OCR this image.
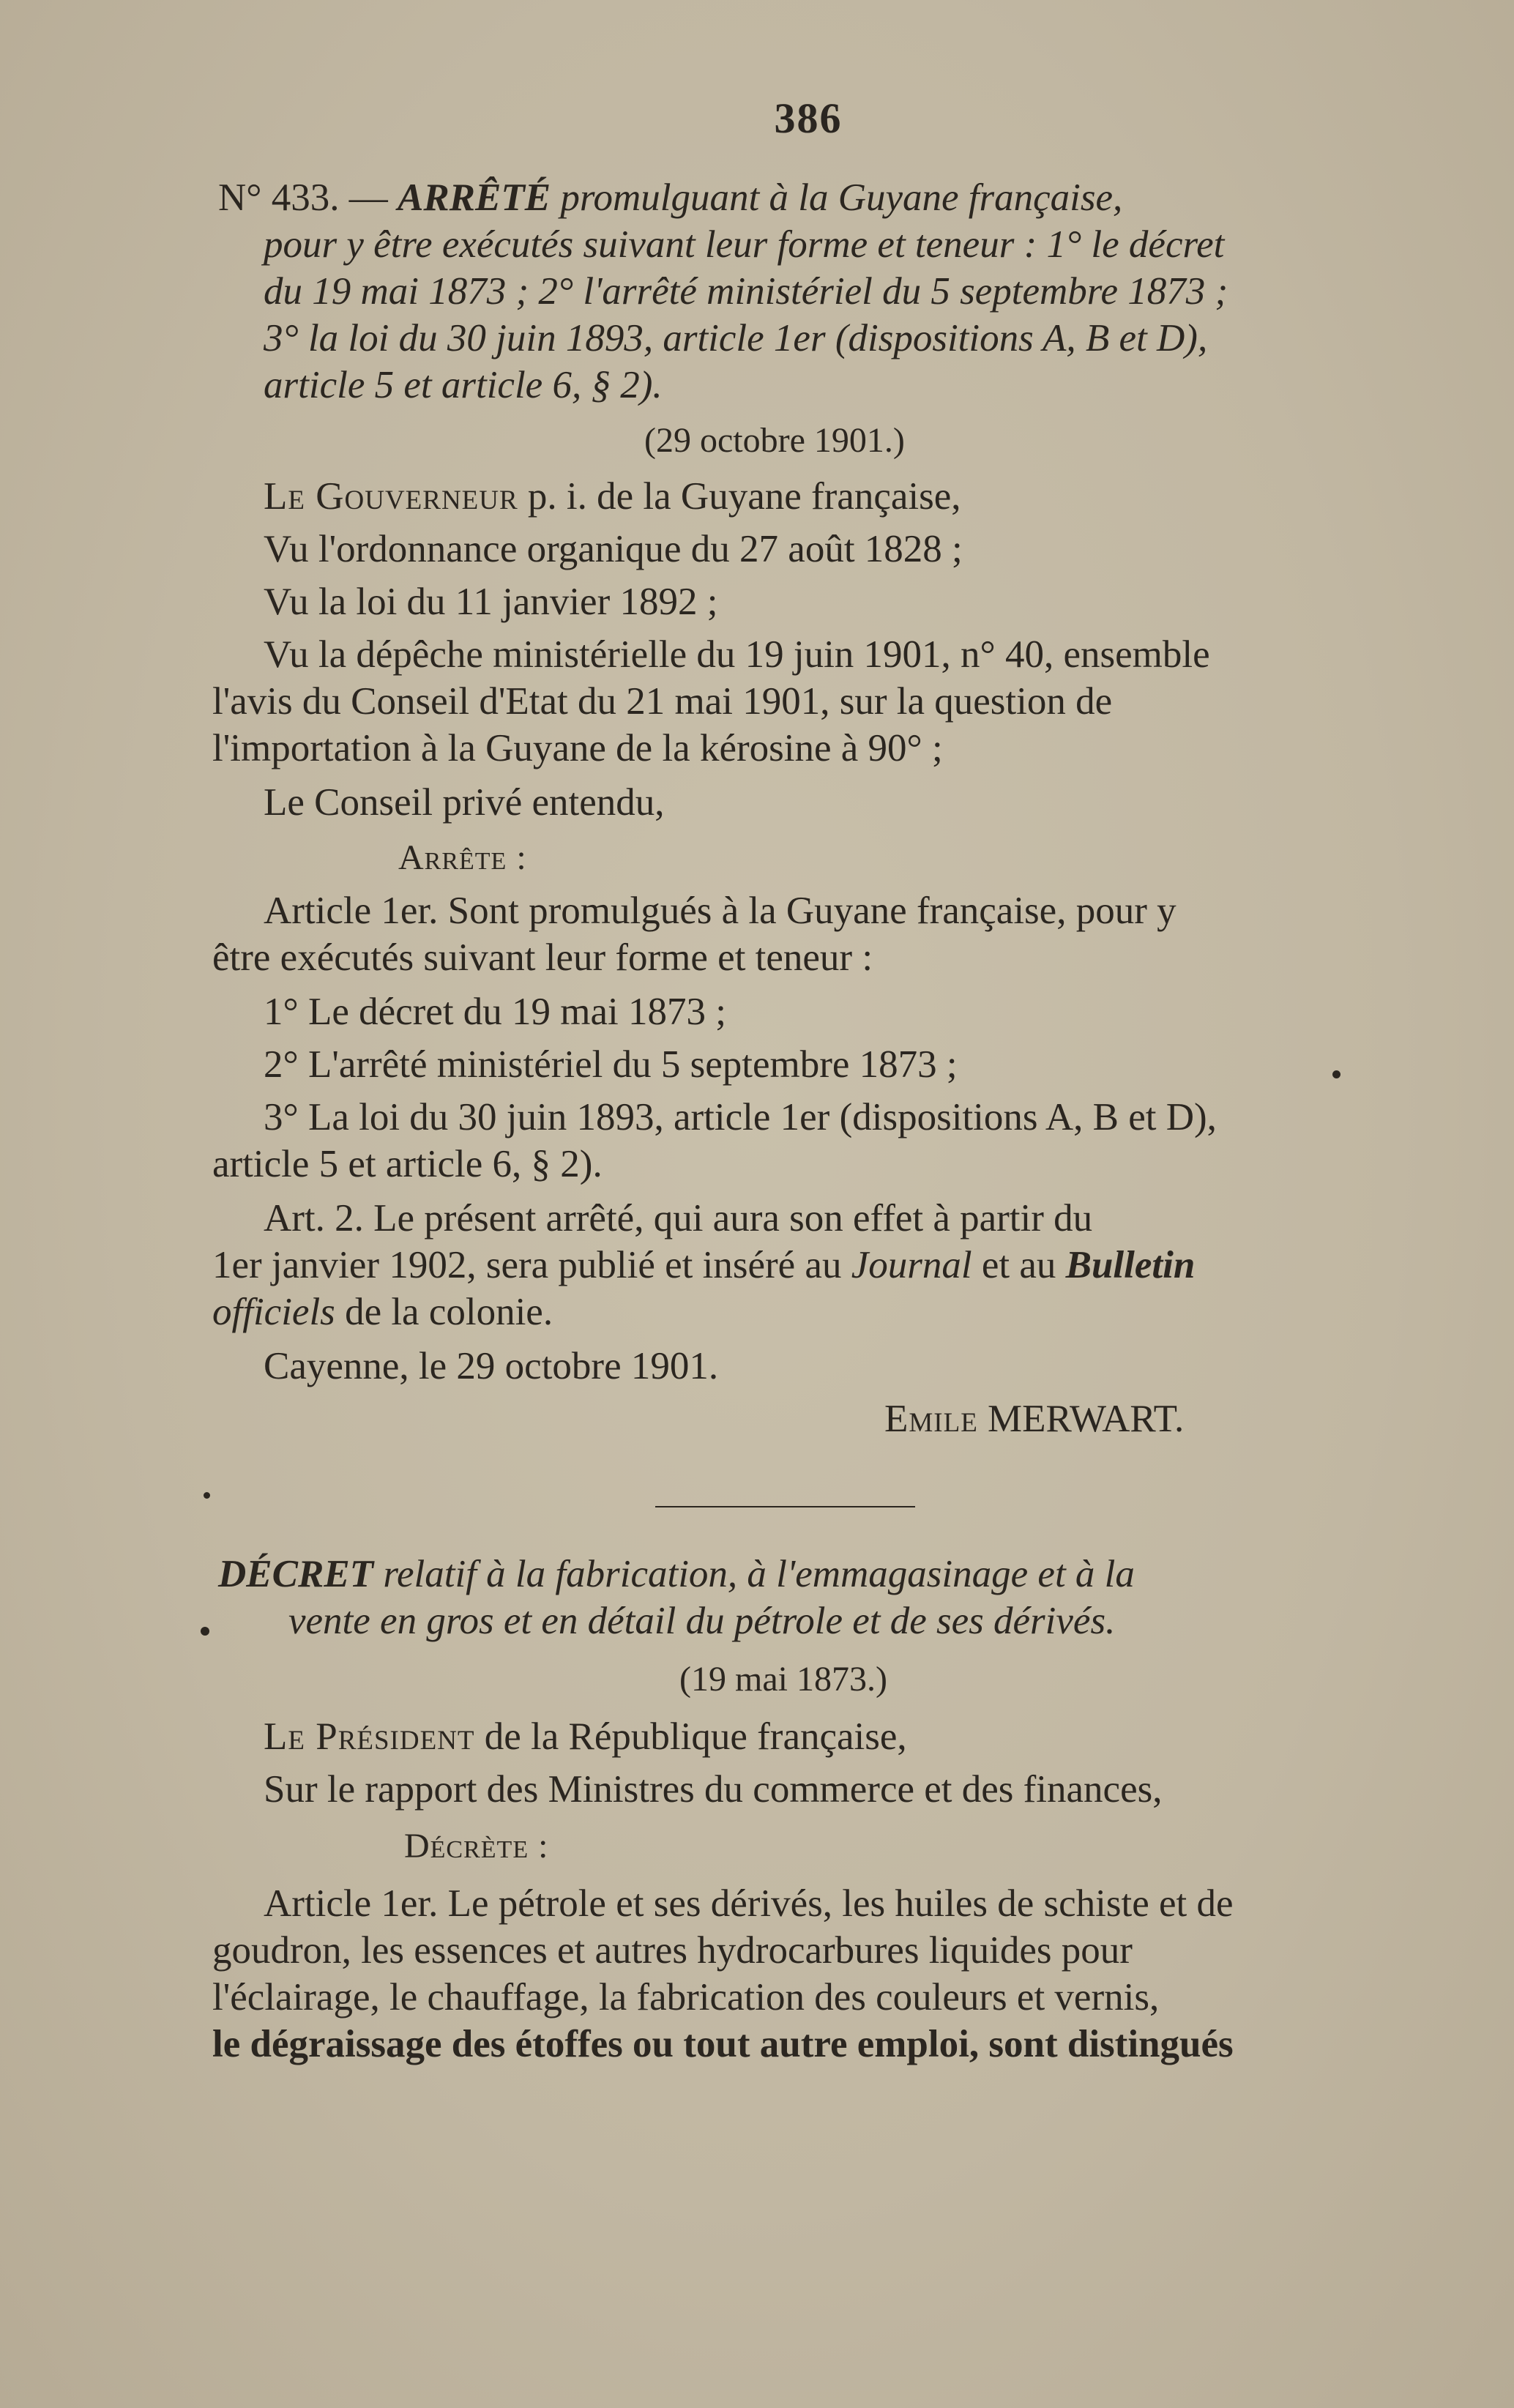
386
N° 433. — ARRÊTÉ promulguant à la Guyane française,
pour y être exécutés suivant leur forme et teneur : 1° le décret
du 19 mai 1873 ; 2° l'arrêté ministériel du 5 septembre 1873 ;
3° la loi du 30 juin 1893, article 1er (dispositions A, B et D),
article 5 et article 6, § 2).
(29 octobre 1901.)
Le Gouverneur p. i. de la Guyane française,
Vu l'ordonnance organique du 27 août 1828 ;
Vu la loi du 11 janvier 1892 ;
Vu la dépêche ministérielle du 19 juin 1901, n° 40, ensemble
l'avis du Conseil d'Etat du 21 mai 1901, sur la question de
l'importation à la Guyane de la kérosine à 90° ;
Le Conseil privé entendu,
Arrête :
Article 1er. Sont promulgués à la Guyane française, pour y
être exécutés suivant leur forme et teneur :
1° Le décret du 19 mai 1873 ;
2° L'arrêté ministériel du 5 septembre 1873 ;
3° La loi du 30 juin 1893, article 1er (dispositions A, B et D),
article 5 et article 6, § 2).
Art. 2. Le présent arrêté, qui aura son effet à partir du
1er janvier 1902, sera publié et inséré au Journal et au Bulletin
officiels de la colonie.
Cayenne, le 29 octobre 1901.
Emile MERWART.
DÉCRET relatif à la fabrication, à l'emmagasinage et à la
vente en gros et en détail du pétrole et de ses dérivés.
(19 mai 1873.)
Le Président de la République française,
Sur le rapport des Ministres du commerce et des finances,
Décrète :
Article 1er. Le pétrole et ses dérivés, les huiles de schiste et de
goudron, les essences et autres hydrocarbures liquides pour
l'éclairage, le chauffage, la fabrication des couleurs et vernis,
le dégraissage des étoffes ou tout autre emploi, sont distingués
